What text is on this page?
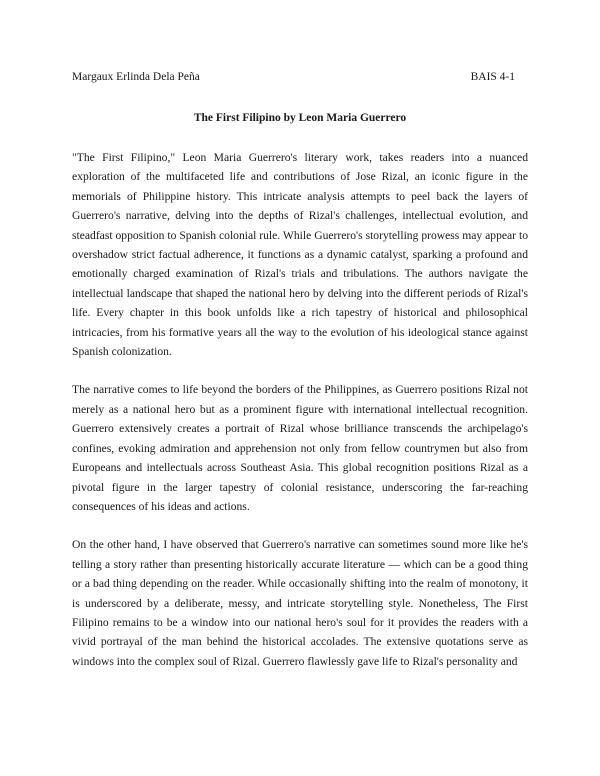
Margaux Erlinda Dela Peña	BAIS 4-1
The First Filipino by Leon Maria Guerrero

"The First Filipino," Leon Maria Guerrero's literary work, takes readers into a nuanced exploration of the multifaceted life and contributions of Jose Rizal, an iconic figure in the memorials of Philippine history. This intricate analysis attempts to peel back the layers of Guerrero's narrative, delving into the depths of Rizal's challenges, intellectual evolution, and steadfast opposition to Spanish colonial rule. While Guerrero's storytelling prowess may appear to overshadow strict factual adherence, it functions as a dynamic catalyst, sparking a profound and emotionally charged examination of Rizal's trials and tribulations. The authors navigate the intellectual landscape that shaped the national hero by delving into the different periods of Rizal's life. Every chapter in this book unfolds like a rich tapestry of historical and philosophical intricacies, from his formative years all the way to the evolution of his ideological stance against Spanish colonization.

The narrative comes to life beyond the borders of the Philippines, as Guerrero positions Rizal not merely as a national hero but as a prominent figure with international intellectual recognition. Guerrero extensively creates a portrait of Rizal whose brilliance transcends the archipelago's confines, evoking admiration and apprehension not only from fellow countrymen but also from Europeans and intellectuals across Southeast Asia. This global recognition positions Rizal as a pivotal figure in the larger tapestry of colonial resistance, underscoring the far-reaching consequences of his ideas and actions.

On the other hand, I have observed that Guerrero's narrative can sometimes sound more like he's telling a story rather than presenting historically accurate literature — which can be a good thing or a bad thing depending on the reader. While occasionally shifting into the realm of monotony, it is underscored by a deliberate, messy, and intricate storytelling style. Nonetheless, The First Filipino remains to be a window into our national hero's soul for it provides the readers with a vivid portrayal of the man behind the historical accolades. The extensive quotations serve as windows into the complex soul of Rizal. Guerrero flawlessly gave life to Rizal's personality and
